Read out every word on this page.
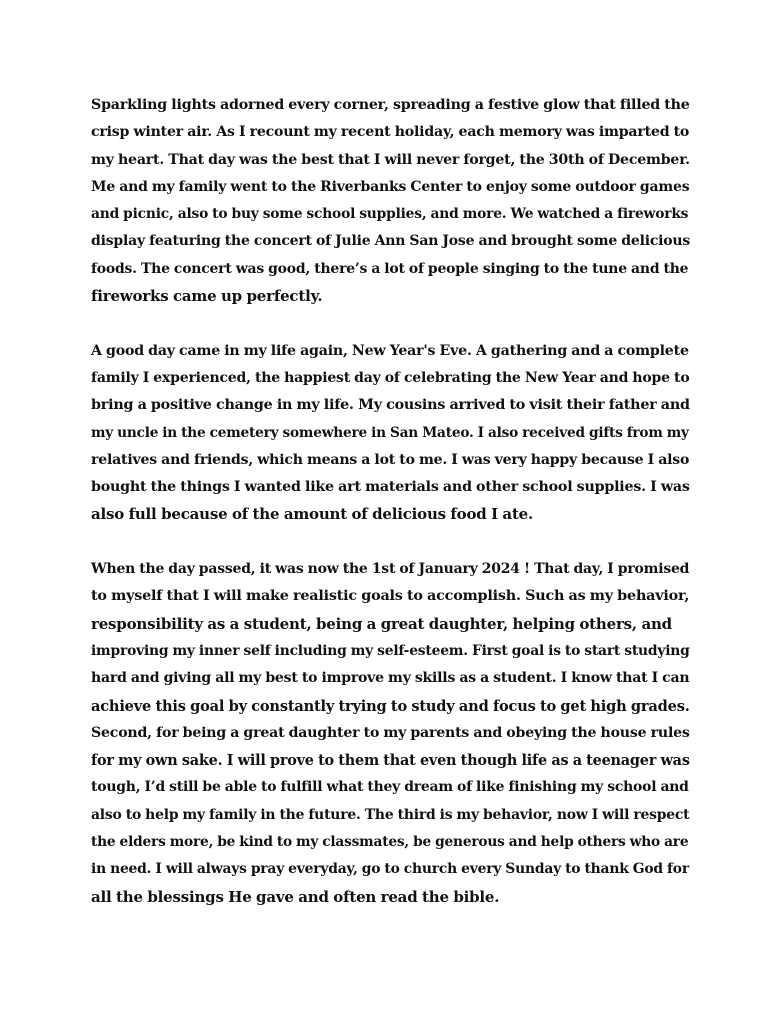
Sparkling lights adorned every corner, spreading a festive glow that filled the
crisp winter air. As I recount my recent holiday, each memory was imparted to
my heart. That day was the best that I will never forget, the 30th of December.
Me and my family went to the Riverbanks Center to enjoy some outdoor games
and picnic, also to buy some school supplies, and more. We watched a fireworks
display featuring the concert of Julie Ann San Jose and brought some delicious
foods. The concert was good, there’s a lot of people singing to the tune and the
fireworks came up perfectly.
A good day came in my life again, New Year's Eve. A gathering and a complete
family I experienced, the happiest day of celebrating the New Year and hope to
bring a positive change in my life. My cousins arrived to visit their father and
my uncle in the cemetery somewhere in San Mateo. I also received gifts from my
relatives and friends, which means a lot to me. I was very happy because I also
bought the things I wanted like art materials and other school supplies. I was
also full because of the amount of delicious food I ate.
When the day passed, it was now the 1st of January 2024 ! That day, I promised
to myself that I will make realistic goals to accomplish. Such as my behavior,
responsibility as a student, being a great daughter, helping others, and
improving my inner self including my self-esteem. First goal is to start studying
hard and giving all my best to improve my skills as a student. I know that I can
achieve this goal by constantly trying to study and focus to get high grades.
Second, for being a great daughter to my parents and obeying the house rules
for my own sake. I will prove to them that even though life as a teenager was
tough, I’d still be able to fulfill what they dream of like finishing my school and
also to help my family in the future. The third is my behavior, now I will respect
the elders more, be kind to my classmates, be generous and help others who are
in need. I will always pray everyday, go to church every Sunday to thank God for
all the blessings He gave and often read the bible.
